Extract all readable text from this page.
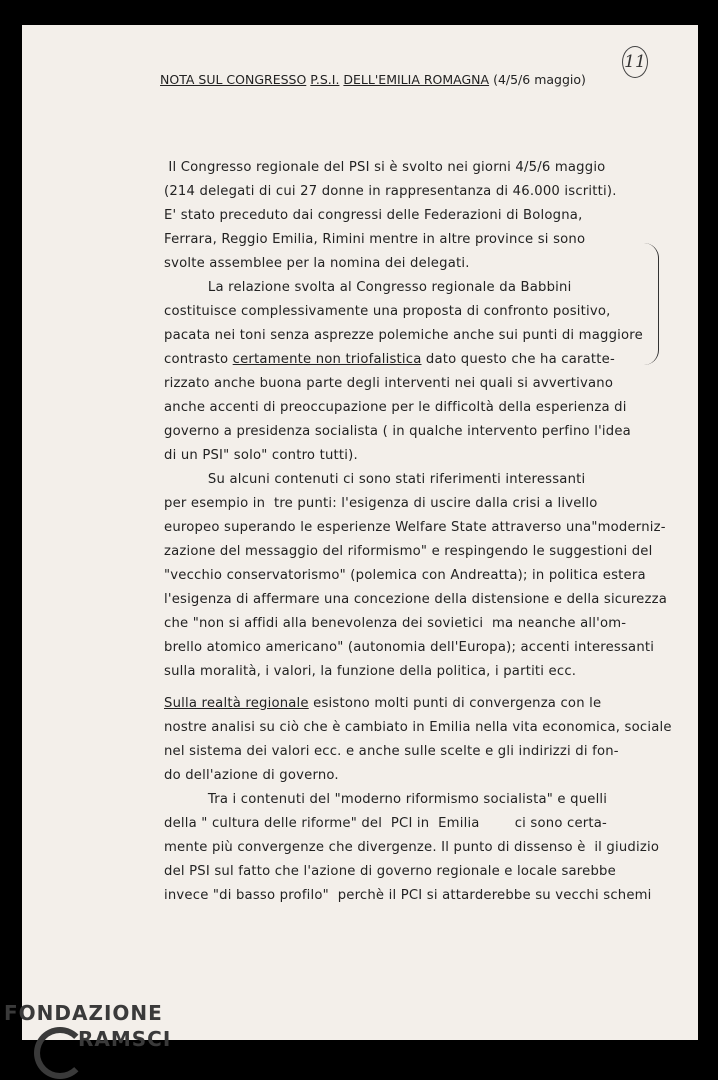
11
NOTA SUL CONGRESSO P.S.I. DELL'EMILIA ROMAGNA (4/5/6 maggio)
Il Congresso regionale del PSI si è svolto nei giorni 4/5/6 maggio
(214 delegati di cui 27 donne in rappresentanza di 46.000 iscritti).
E' stato preceduto dai congressi delle Federazioni di Bologna,
Ferrara, Reggio Emilia, Rimini mentre in altre province si sono
svolte assemblee per la nomina dei delegati.
La relazione svolta al Congresso regionale da Babbini
costituisce complessivamente una proposta di confronto positivo,
pacata nei toni senza asprezze polemiche anche sui punti di maggiore
contrasto certamente non triofalistica dato questo che ha caratte-
rizzato anche buona parte degli interventi nei quali si avvertivano
anche accenti di preoccupazione per le difficoltà della esperienza di
governo a presidenza socialista ( in qualche intervento perfino l'idea
di un PSI" solo" contro tutti).
Su alcuni contenuti ci sono stati riferimenti interessanti
per esempio in  tre punti: l'esigenza di uscire dalla crisi a livello
europeo superando le esperienze Welfare State attraverso una"moderniz-
zazione del messaggio del riformismo" e respingendo le suggestioni del
"vecchio conservatorismo" (polemica con Andreatta); in politica estera
l'esigenza di affermare una concezione della distensione e della sicurezza
che "non si affidi alla benevolenza dei sovietici  ma neanche all'om-
brello atomico americano" (autonomia dell'Europa); accenti interessanti
sulla moralità, i valori, la funzione della politica, i partiti ecc.
Sulla realtà regionale esistono molti punti di convergenza con le
nostre analisi su ciò che è cambiato in Emilia nella vita economica, sociale
nel sistema dei valori ecc. e anche sulle scelte e gli indirizzi di fon-
do dell'azione di governo.
Tra i contenuti del "moderno riformismo socialista" e quelli
della " cultura delle riforme" del  PCI in  Emilia        ci sono certa-
mente più convergenze che divergenze. Il punto di dissenso è  il giudizio
del PSI sul fatto che l'azione di governo regionale e locale sarebbe
invece "di basso profilo"  perchè il PCI si attarderebbe su vecchi schemi
FONDAZIONE
RAMSCI
